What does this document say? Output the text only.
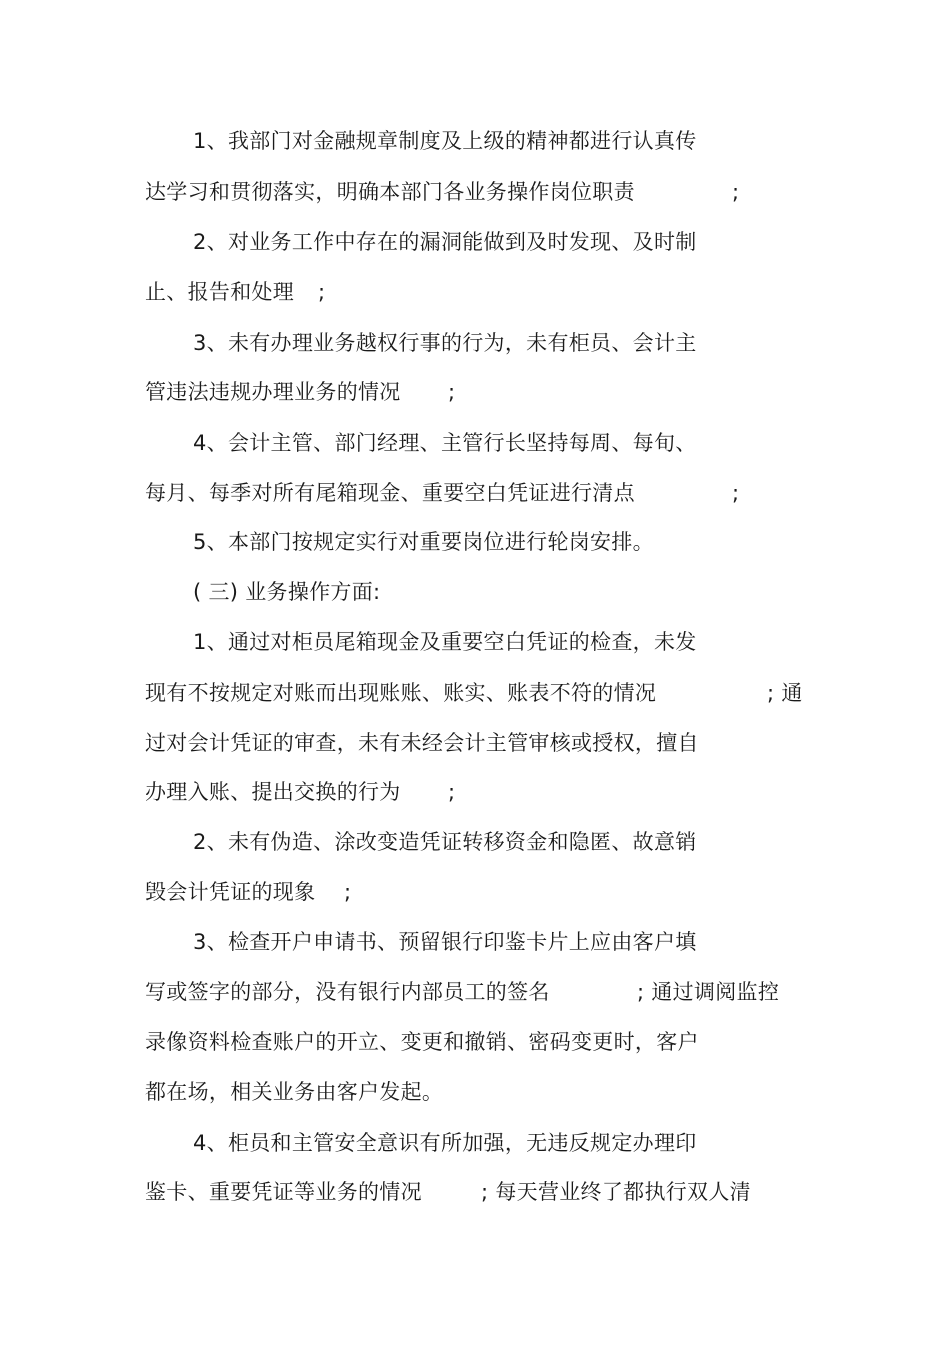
1、我部门对金融规章制度及上级的精神都进行认真传
达学习和贯彻落实，明确本部门各业务操作岗位职责	;
2、对业务工作中存在的漏洞能做到及时发现、及时制
止、报告和处理 ;
3、未有办理业务越权行事的行为，未有柜员、会计主
管违法违规办理业务的情况 ;
4、会计主管、部门经理、主管行长坚持每周、每旬、
每月、每季对所有尾箱现金、重要空白凭证进行清点	;
5、本部门按规定实行对重要岗位进行轮岗安排。
( 三) 业务操作方面:
1、通过对柜员尾箱现金及重要空白凭证的检查，未发
现有不按规定对账而出现账账、账实、账表不符的情况	; 通
过对会计凭证的审查，未有未经会计主管审核或授权，擅自
办理入账、提出交换的行为 ;
2、未有伪造、涂改变造凭证转移资金和隐匿、故意销
毁会计凭证的现象 ;
3、检查开户申请书、预留银行印鉴卡片上应由客户填
写或签字的部分，没有银行内部员工的签名	; 通过调阅监控
录像资料检查账户的开立、变更和撤销、密码变更时，客户
都在场，相关业务由客户发起。
4、柜员和主管安全意识有所加强，无违反规定办理印
鉴卡、重要凭证等业务的情况	; 每天营业终了都执行双人清
